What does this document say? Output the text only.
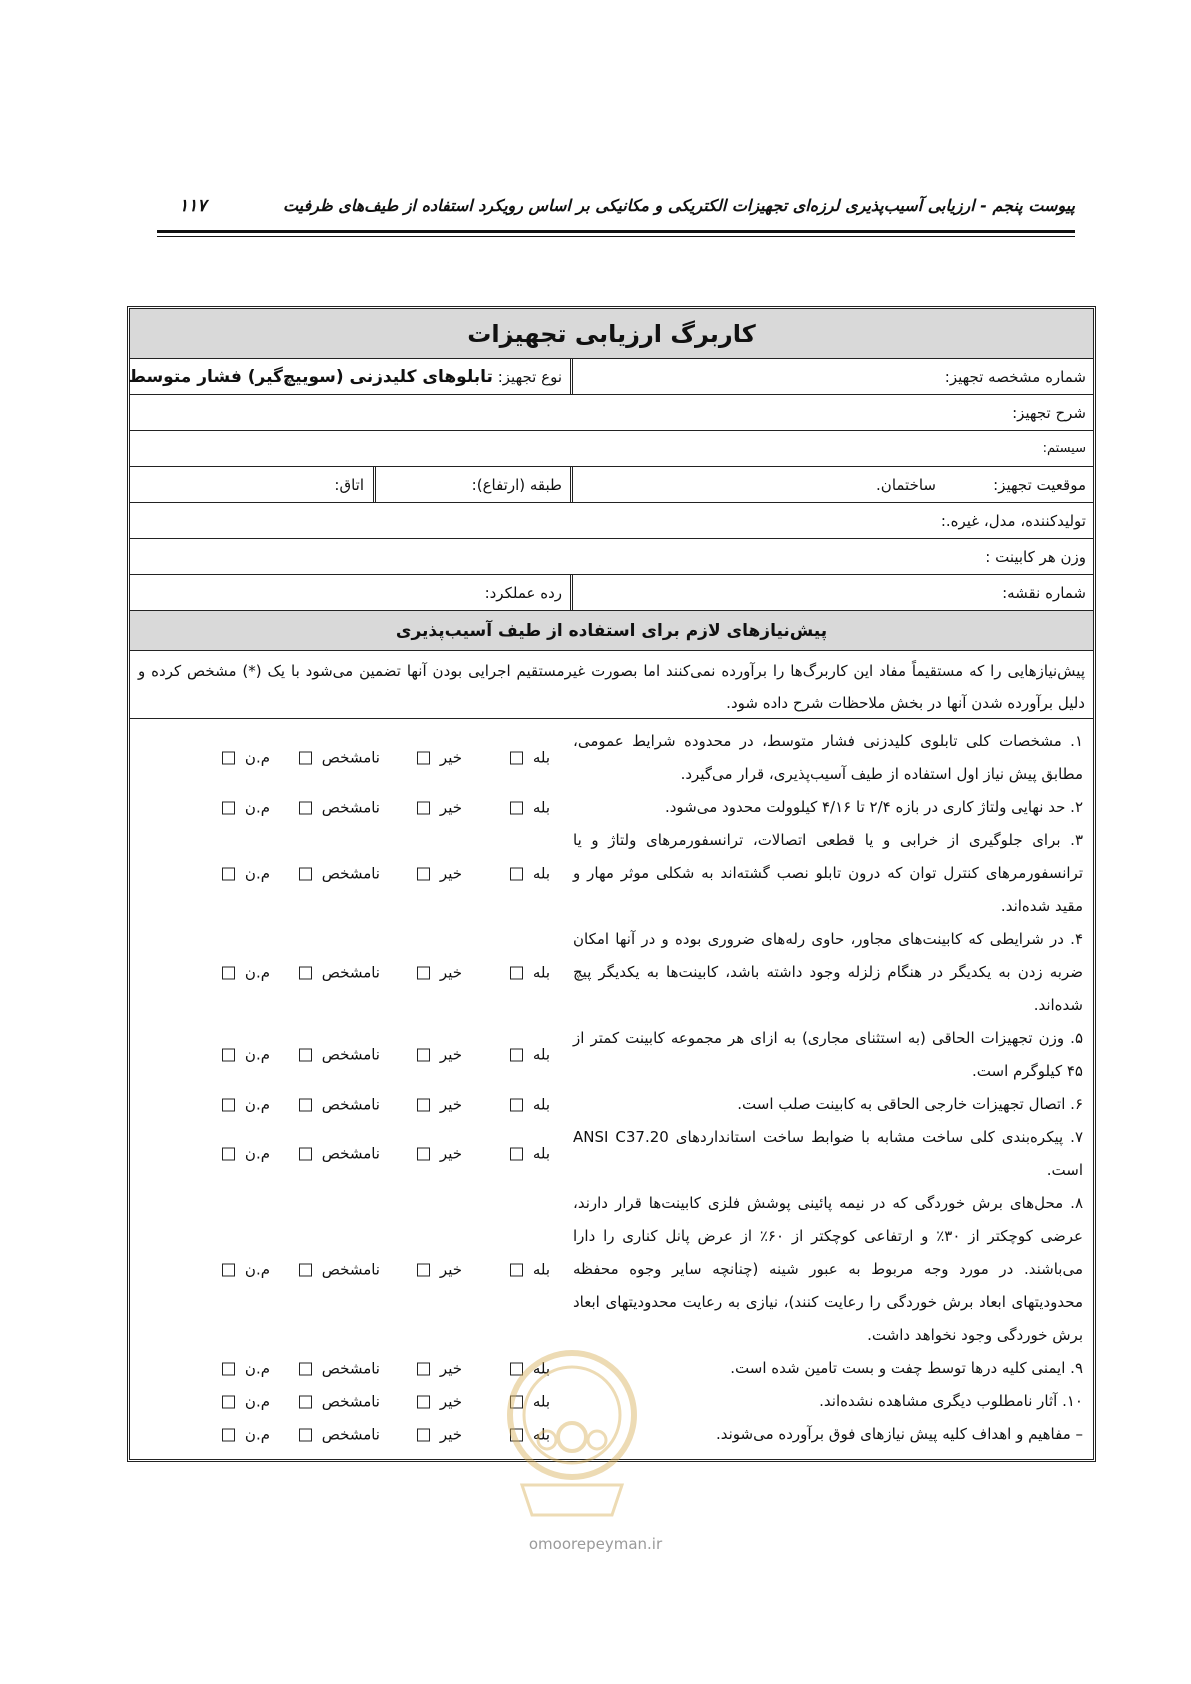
پیوست پنجم - ارزیابی آسیب‌پذیری لرزه‌ای تجهیزات الکتریکی و مکانیکی بر اساس رویکرد استفاده از طیف‌های ظرفیت
۱۱۷
کاربرگ ارزیابی تجهیزات
شماره مشخصه تجهیز:
نوع تجهیز: تابلوهای کلیدزنی (سوییچ‌گیر) فشار متوسط
شرح تجهیز:
سیستم:
موقعیت تجهیز:
ساختمان.
طبقه (ارتفاع):
اتاق:
تولیدکننده، مدل، غیره.:
وزن هر کابینت :
شماره نقشه:
رده عملکرد:
پیش‌نیازهای لازم برای استفاده از طیف آسیب‌پذیری
پیش‌نیازهایی را که مستقیماً مفاد این کاربرگ‌ها را برآورده نمی‌کنند اما بصورت غیرمستقیم اجرایی بودن آنها تضمین می‌شود با یک (*) مشخص کرده و دلیل برآورده شدن آنها در بخش ملاحظات شرح داده شود.
۱. مشخصات کلی تابلوی کلیدزنی فشار متوسط، در محدوده شرایط عمومی، مطابق پیش نیاز اول استفاده از طیف آسیب‌پذیری، قرار می‌گیرد.
بله
خیر
نامشخص
م.ن
۲. حد نهایی ولتاژ کاری در بازه ۲/۴ تا ۴/۱۶ کیلوولت محدود می‌شود.
بله
خیر
نامشخص
م.ن
۳. برای جلوگیری از خرابی و یا قطعی اتصالات، ترانسفورمرهای ولتاژ و یا ترانسفورمرهای کنترل توان که درون تابلو نصب گشته‌اند به شکلی موثر مهار و مقید شده‌اند.
بله
خیر
نامشخص
م.ن
۴. در شرایطی که کابینت‌های مجاور، حاوی رله‌های ضروری بوده و در آنها امکان ضربه زدن به یکدیگر در هنگام زلزله وجود داشته باشد، کابینت‌ها به یکدیگر پیچ شده‌اند.
بله
خیر
نامشخص
م.ن
۵. وزن تجهیزات الحاقی (به استثنای مجاری) به ازای هر مجموعه کابینت کمتر از ۴۵ کیلوگرم است.
بله
خیر
نامشخص
م.ن
۶. اتصال تجهیزات خارجی الحاقی به کابینت صلب است.
بله
خیر
نامشخص
م.ن
۷. پیکره‌بندی کلی ساخت مشابه با ضوابط ساخت استانداردهای ANSI C37.20 است.
بله
خیر
نامشخص
م.ن
۸. محل‌های برش خوردگی که در نیمه پائینی پوشش فلزی کابینت‌ها قرار دارند، عرضی کوچکتر از ۳۰٪ و ارتفاعی کوچکتر از ۶۰٪ از عرض پانل کناری را دارا می‌باشند. در مورد وجه مربوط به عبور شینه (چنانچه سایر وجوه محفظه محدودیتهای ابعاد برش خوردگی را رعایت کنند)، نیازی به رعایت محدودیتهای ابعاد برش خوردگی وجود نخواهد داشت.
بله
خیر
نامشخص
م.ن
۹. ایمنی کلیه درها توسط چفت و بست تامین شده است.
بله
خیر
نامشخص
م.ن
۱۰. آثار نامطلوب دیگری مشاهده نشده‌اند.
بله
خیر
نامشخص
م.ن
– مفاهیم و اهداف کلیه پیش نیازهای فوق برآورده می‌شوند.
بله
خیر
نامشخص
م.ن
omoorepeyman.ir
